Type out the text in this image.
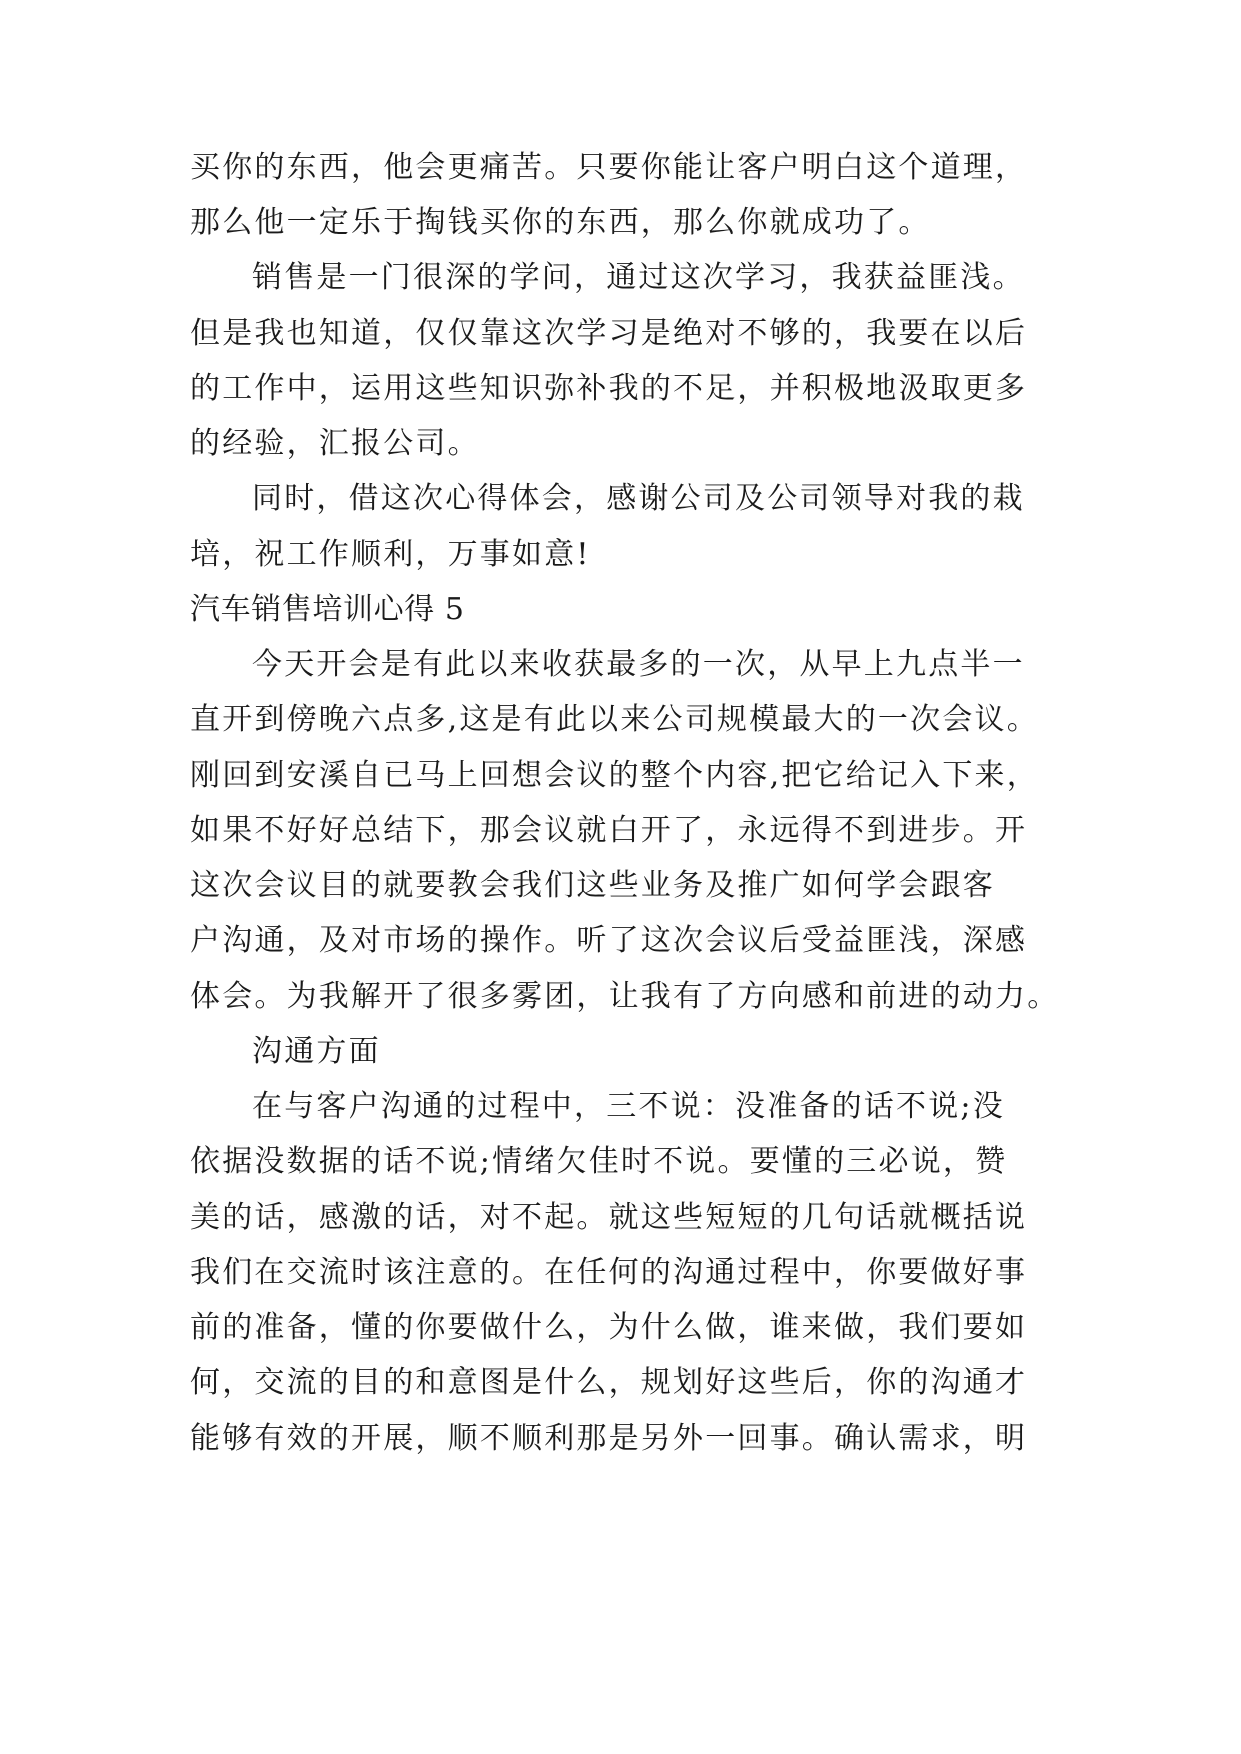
买你的东西，他会更痛苦。只要你能让客户明白这个道理，
那么他一定乐于掏钱买你的东西，那么你就成功了。
销售是一门很深的学问，通过这次学习，我获益匪浅。
但是我也知道，仅仅靠这次学习是绝对不够的，我要在以后
的工作中，运用这些知识弥补我的不足，并积极地汲取更多
的经验，汇报公司。
同时，借这次心得体会，感谢公司及公司领导对我的栽
培，祝工作顺利，万事如意!
汽车销售培训心得 5
今天开会是有此以来收获最多的一次，从早上九点半一
直开到傍晚六点多,这是有此以来公司规模最大的一次会议。
刚回到安溪自已马上回想会议的整个内容,把它给记入下来，
如果不好好总结下，那会议就白开了，永远得不到进步。开
这次会议目的就要教会我们这些业务及推广如何学会跟客
户沟通，及对市场的操作。听了这次会议后受益匪浅，深感
体会。为我解开了很多雾团，让我有了方向感和前进的动力。
沟通方面
在与客户沟通的过程中，三不说：没准备的话不说;没
依据没数据的话不说;情绪欠佳时不说。要懂的三必说，赞
美的话，感激的话，对不起。就这些短短的几句话就概括说
我们在交流时该注意的。在任何的沟通过程中，你要做好事
前的准备，懂的你要做什么，为什么做，谁来做，我们要如
何，交流的目的和意图是什么，规划好这些后，你的沟通才
能够有效的开展，顺不顺利那是另外一回事。确认需求，明
